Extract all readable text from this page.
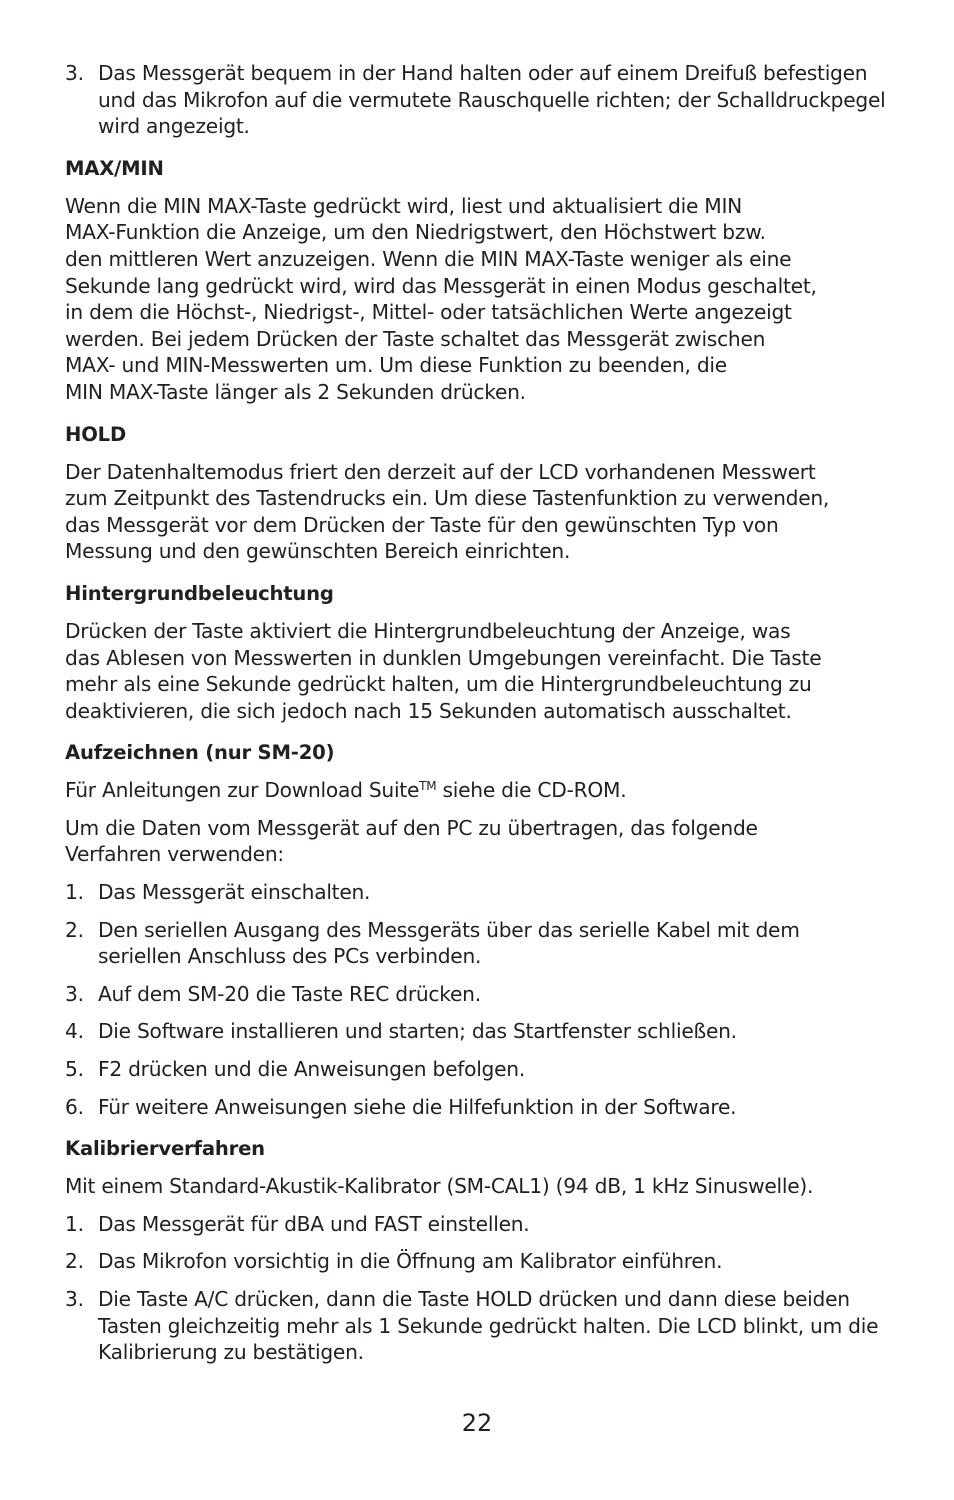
3. Das Messgerät bequem in der Hand halten oder auf einem Dreifuß befestigen und das Mikrofon auf die vermutete Rauschquelle richten; der Schalldruckpegel wird angezeigt.

MAX/MIN

Wenn die MIN MAX-Taste gedrückt wird, liest und aktualisiert die MIN
MAX-Funktion die Anzeige, um den Niedrigstwert, den Höchstwert bzw.
den mittleren Wert anzuzeigen. Wenn die MIN MAX-Taste weniger als eine
Sekunde lang gedrückt wird, wird das Messgerät in einen Modus geschaltet,
in dem die Höchst-, Niedrigst-, Mittel- oder tatsächlichen Werte angezeigt
werden. Bei jedem Drücken der Taste schaltet das Messgerät zwischen
MAX- und MIN-Messwerten um. Um diese Funktion zu beenden, die
MIN MAX-Taste länger als 2 Sekunden drücken.

HOLD

Der Datenhaltemodus friert den derzeit auf der LCD vorhandenen Messwert
zum Zeitpunkt des Tastendrucks ein. Um diese Tastenfunktion zu verwenden,
das Messgerät vor dem Drücken der Taste für den gewünschten Typ von
Messung und den gewünschten Bereich einrichten.

Hintergrundbeleuchtung

Drücken der Taste aktiviert die Hintergrundbeleuchtung der Anzeige, was
das Ablesen von Messwerten in dunklen Umgebungen vereinfacht. Die Taste
mehr als eine Sekunde gedrückt halten, um die Hintergrundbeleuchtung zu
deaktivieren, die sich jedoch nach 15 Sekunden automatisch ausschaltet.

Aufzeichnen (nur SM-20)

Für Anleitungen zur Download Suite™ siehe die CD-ROM.

Um die Daten vom Messgerät auf den PC zu übertragen, das folgende
Verfahren verwenden:
1. Das Messgerät einschalten.
2. Den seriellen Ausgang des Messgeräts über das serielle Kabel mit dem seriellen Anschluss des PCs verbinden.
3. Auf dem SM-20 die Taste REC drücken.
4. Die Software installieren und starten; das Startfenster schließen.
5. F2 drücken und die Anweisungen befolgen.
6. Für weitere Anweisungen siehe die Hilfefunktion in der Software.

Kalibrierverfahren

Mit einem Standard-Akustik-Kalibrator (SM-CAL1) (94 dB, 1 kHz Sinuswelle).

1. Das Messgerät für dBA und FAST einstellen.
2. Das Mikrofon vorsichtig in die Öffnung am Kalibrator einführen.
3. Die Taste A/C drücken, dann die Taste HOLD drücken und dann diese beiden Tasten gleichzeitig mehr als 1 Sekunde gedrückt halten. Die LCD blinkt, um die Kalibrierung zu bestätigen.
22
